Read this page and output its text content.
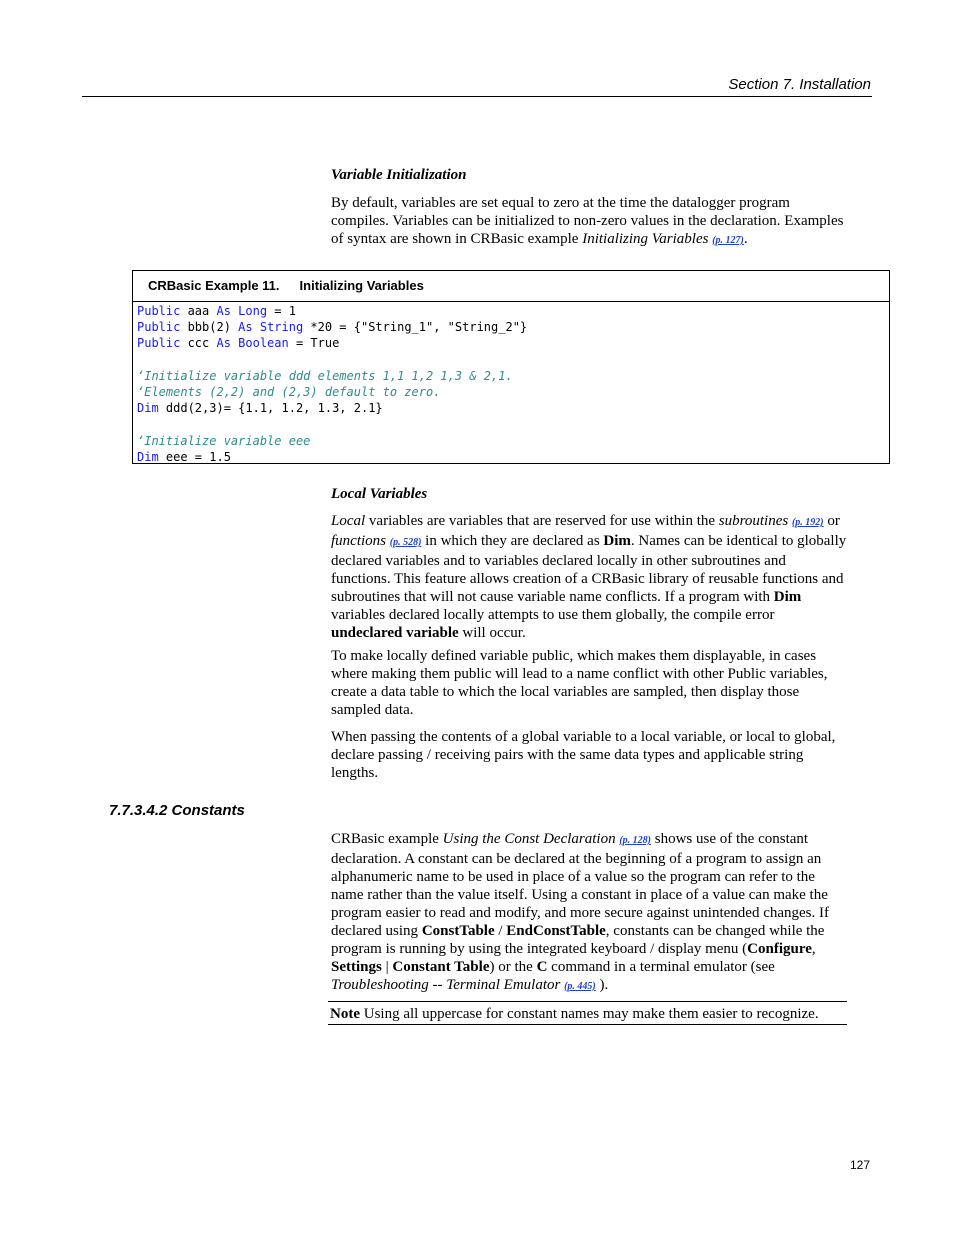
Section 7. Installation
Variable Initialization
By default, variables are set equal to zero at the time the datalogger program compiles. Variables can be initialized to non-zero values in the declaration. Examples of syntax are shown in CRBasic example Initializing Variables (p. 127).
CRBasic Example 11. Initializing Variables
Public aaa As Long = 1
Public bbb(2) As String *20 = {"String_1", "String_2"}
Public ccc As Boolean = True
‘Initialize variable ddd elements 1,1 1,2 1,3 & 2,1.
‘Elements (2,2) and (2,3) default to zero.
Dim ddd(2,3)= {1.1, 1.2, 1.3, 2.1}
‘Initialize variable eee
Dim eee = 1.5
Local Variables
Local variables are variables that are reserved for use within the subroutines (p. 192) or functions (p. 528) in which they are declared as Dim. Names can be identical to globally declared variables and to variables declared locally in other subroutines and functions. This feature allows creation of a CRBasic library of reusable functions and subroutines that will not cause variable name conflicts. If a program with Dim variables declared locally attempts to use them globally, the compile error undeclared variable will occur.
To make locally defined variable public, which makes them displayable, in cases where making them public will lead to a name conflict with other Public variables, create a data table to which the local variables are sampled, then display those sampled data.
When passing the contents of a global variable to a local variable, or local to global, declare passing / receiving pairs with the same data types and applicable string lengths.
7.7.3.4.2 Constants
CRBasic example Using the Const Declaration (p. 128) shows use of the constant declaration. A constant can be declared at the beginning of a program to assign an alphanumeric name to be used in place of a value so the program can refer to the name rather than the value itself. Using a constant in place of a value can make the program easier to read and modify, and more secure against unintended changes. If declared using ConstTable / EndConstTable, constants can be changed while the program is running by using the integrated keyboard / display menu (Configure, Settings | Constant Table) or the C command in a terminal emulator (see Troubleshooting -- Terminal Emulator (p. 445) ).
Note Using all uppercase for constant names may make them easier to recognize.
127
